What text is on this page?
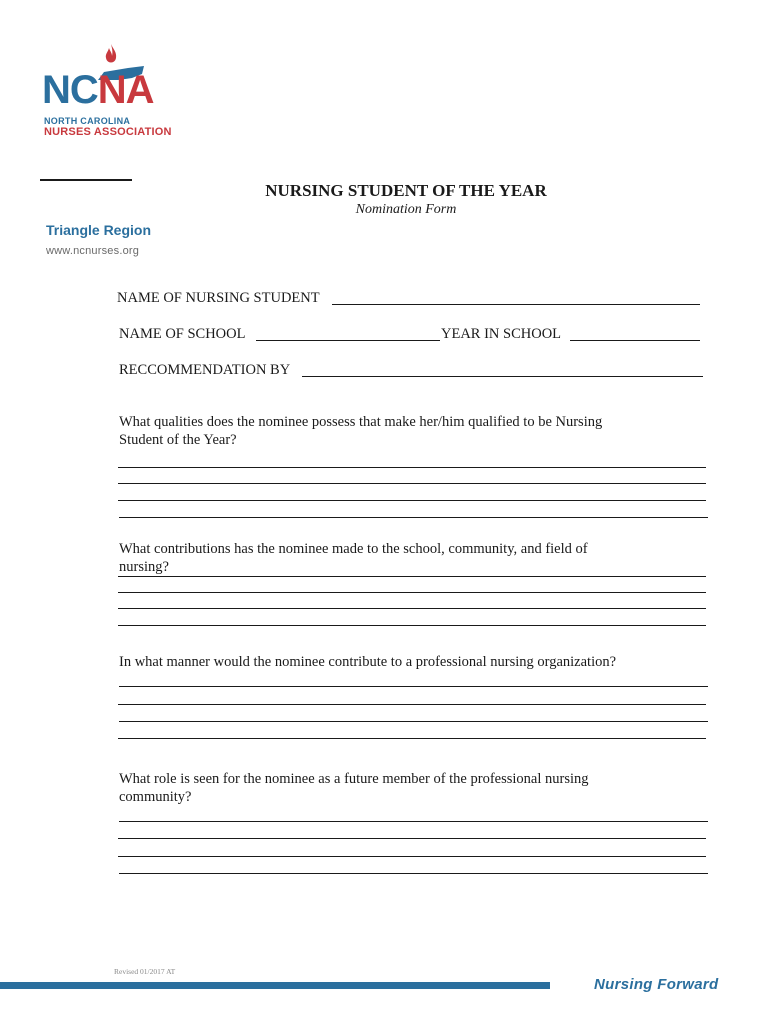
NCNA
NORTH CAROLINA
NURSES ASSOCIATION
Triangle Region
www.ncnurses.org
NURSING STUDENT OF THE YEAR
Nomination Form
NAME OF NURSING STUDENT
NAME OF SCHOOL	YEAR IN SCHOOL
RECCOMMENDATION BY
What qualities does the nominee possess that make her/him qualified to be Nursing Student of the Year?
What contributions has the nominee made to the school, community, and field of nursing?
In what manner would the nominee contribute to a professional nursing organization?
What role is seen for the nominee as a future member of the professional nursing community?
Revised 01/2017 AT
Nursing Forward
